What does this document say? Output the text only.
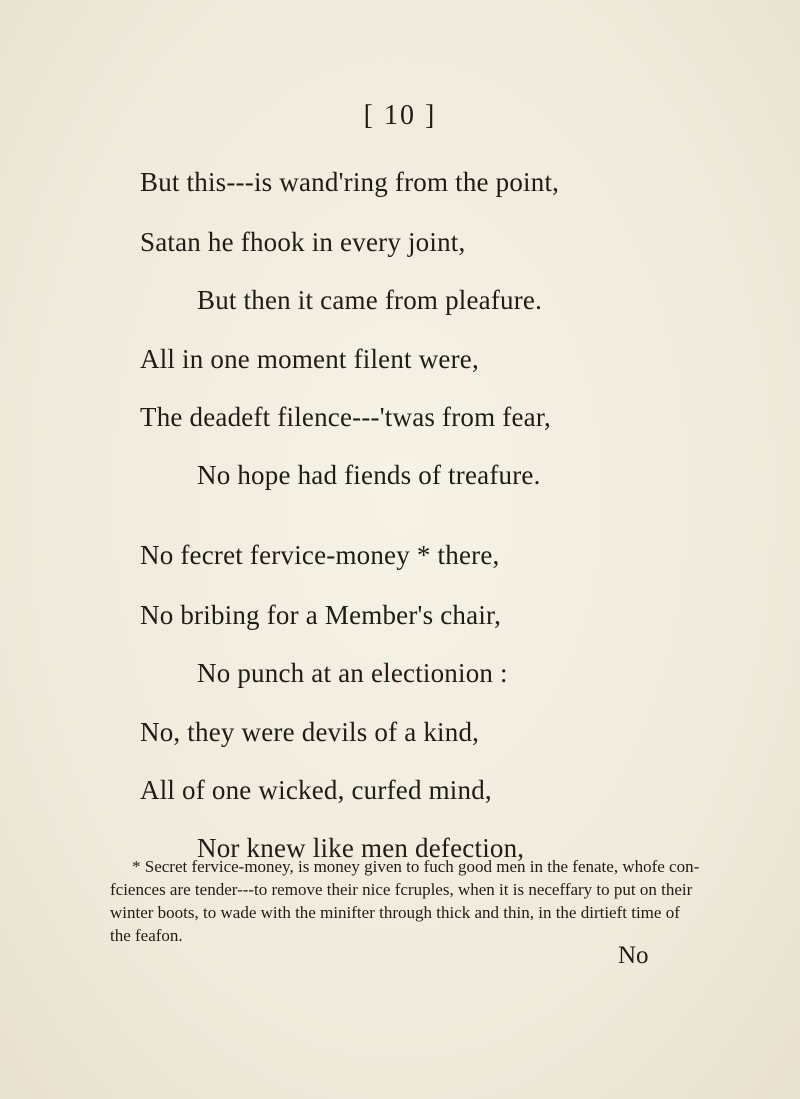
[ 10 ]
But this---is wand'ring from the point,
Satan he fhook in every joint,
But then it came from pleafure.
All in one moment filent were,
The deadeft filence---'twas from fear,
No hope had fiends of treafure.
No fecret fervice-money * there,
No bribing for a Member's chair,
No punch at an electionion :
No, they were devils of a kind,
All of one wicked, curfed mind,
Nor knew like men defection,
* Secret fervice-money, is money given to fuch good men in the fenate, whofe con-
fciences are tender---to remove their nice fcruples, when it is neceffary to put on their
winter boots, to wade with the minifter through thick and thin, in the dirtieft time of
the feafon.
No
